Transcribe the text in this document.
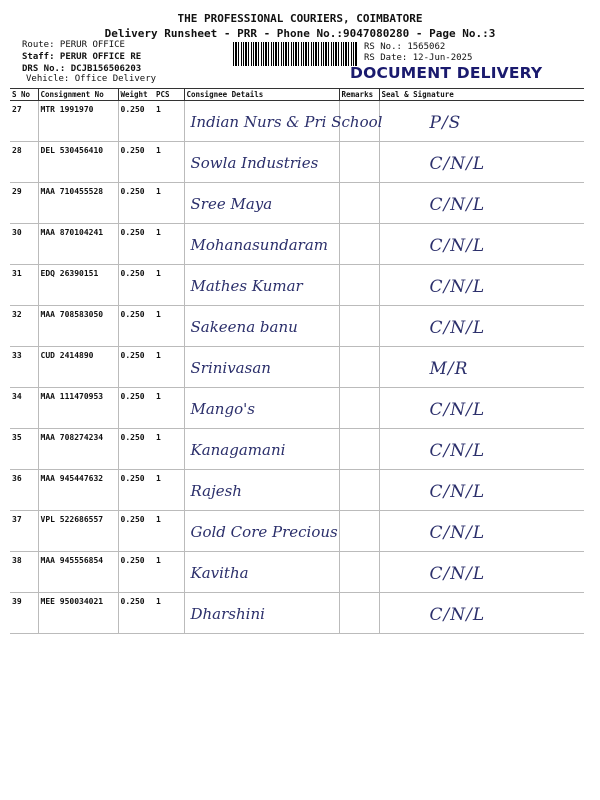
THE PROFESSIONAL COURIERS, COIMBATORE
Delivery Runsheet - PRR - Phone No.:9047080280 - Page No.:3
Route: PERUR OFFICE
Staff: PERUR OFFICE RE
DRS No.: DCJB156506203
Vehicle: Office Delivery
RS No.: 1565062
RS Date: 12-Jun-2025
DOCUMENT DELIVERY
S No	Consignment No	Weight	PCS	Consignee Details	Remarks	Seal & Signature

27	MTR 1991970	0.250	1	Indian Nurs & Pri School		P/S

28	DEL 530456410	0.250	1	Sowla Industries		C/N/L

29	MAA 710455528	0.250	1	Sree Maya		C/N/L

30	MAA 870104241	0.250	1	Mohanasundaram		C/N/L

31	EDQ 26390151	0.250	1	Mathes Kumar		C/N/L

32	MAA 708583050	0.250	1	Sakeena banu		C/N/L

33	CUD 2414890	0.250	1	Srinivasan		M/R

34	MAA 111470953	0.250	1	Mango's		C/N/L

35	MAA 708274234	0.250	1	Kanagamani		C/N/L

36	MAA 945447632	0.250	1	Rajesh		C/N/L

37	VPL 522686557	0.250	1	Gold Core Precious		C/N/L

38	MAA 945556854	0.250	1	Kavitha		C/N/L

39	MEE 950034021	0.250	1	Dharshini		C/N/L
